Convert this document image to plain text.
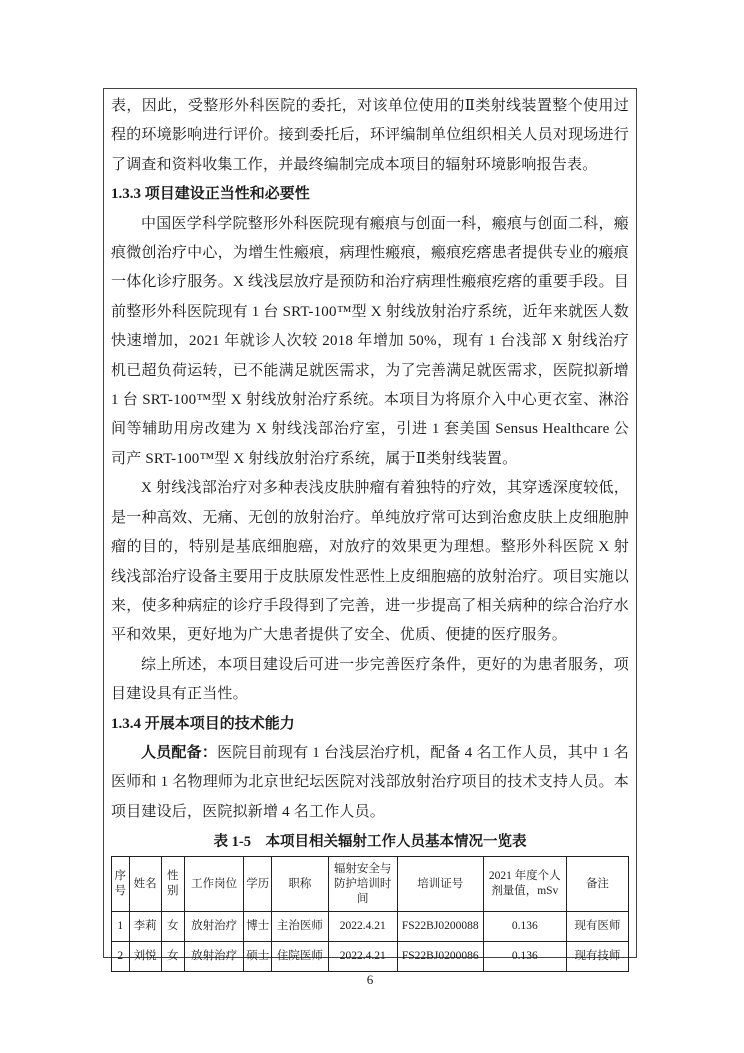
表，因此，受整形外科医院的委托，对该单位使用的Ⅱ类射线装置整个使用过程的环境影响进行评价。接到委托后，环评编制单位组织相关人员对现场进行了调查和资料收集工作，并最终编制完成本项目的辐射环境影响报告表。

1.3.3 项目建设正当性和必要性

中国医学科学院整形外科医院现有瘢痕与创面一科，瘢痕与创面二科，瘢痕微创治疗中心，为增生性瘢痕，病理性瘢痕，瘢痕疙瘩患者提供专业的瘢痕一体化诊疗服务。X 线浅层放疗是预防和治疗病理性瘢痕疙瘩的重要手段。目前整形外科医院现有 1 台 SRT-100™型 X 射线放射治疗系统，近年来就医人数快速增加，2021 年就诊人次较 2018 年增加 50%，现有 1 台浅部 X 射线治疗机已超负荷运转，已不能满足就医需求，为了完善满足就医需求，医院拟新增 1 台 SRT-100™型 X 射线放射治疗系统。本项目为将原介入中心更衣室、淋浴间等辅助用房改建为 X 射线浅部治疗室，引进 1 套美国 Sensus Healthcare 公司产 SRT-100™型 X 射线放射治疗系统，属于Ⅱ类射线装置。

X 射线浅部治疗对多种表浅皮肤肿瘤有着独特的疗效，其穿透深度较低，是一种高效、无痛、无创的放射治疗。单纯放疗常可达到治愈皮肤上皮细胞肿瘤的目的，特别是基底细胞癌，对放疗的效果更为理想。整形外科医院 X 射线浅部治疗设备主要用于皮肤原发性恶性上皮细胞癌的放射治疗。项目实施以来，使多种病症的诊疗手段得到了完善，进一步提高了相关病种的综合治疗水平和效果，更好地为广大患者提供了安全、优质、便捷的医疗服务。

综上所述，本项目建设后可进一步完善医疗条件，更好的为患者服务，项目建设具有正当性。

1.3.4 开展本项目的技术能力

人员配备：医院目前现有 1 台浅层治疗机，配备 4 名工作人员，其中 1 名医师和 1 名物理师为北京世纪坛医院对浅部放射治疗项目的技术支持人员。本项目建设后，医院拟新增 4 名工作人员。

表 1-5　本项目相关辐射工作人员基本情况一览表
序号	姓名	性别	工作岗位	学历	职称	辐射安全与防护培训时间	培训证号	2021 年度个人剂量值，mSv	备注
1	李莉	女	放射治疗	博士	主治医师	2022.4.21	FS22BJ0200088	0.136	现有医师
2	刘悦	女	放射治疗	硕士	住院医师	2022.4.21	FS22BJ0200086	0.136	现有技师
6
